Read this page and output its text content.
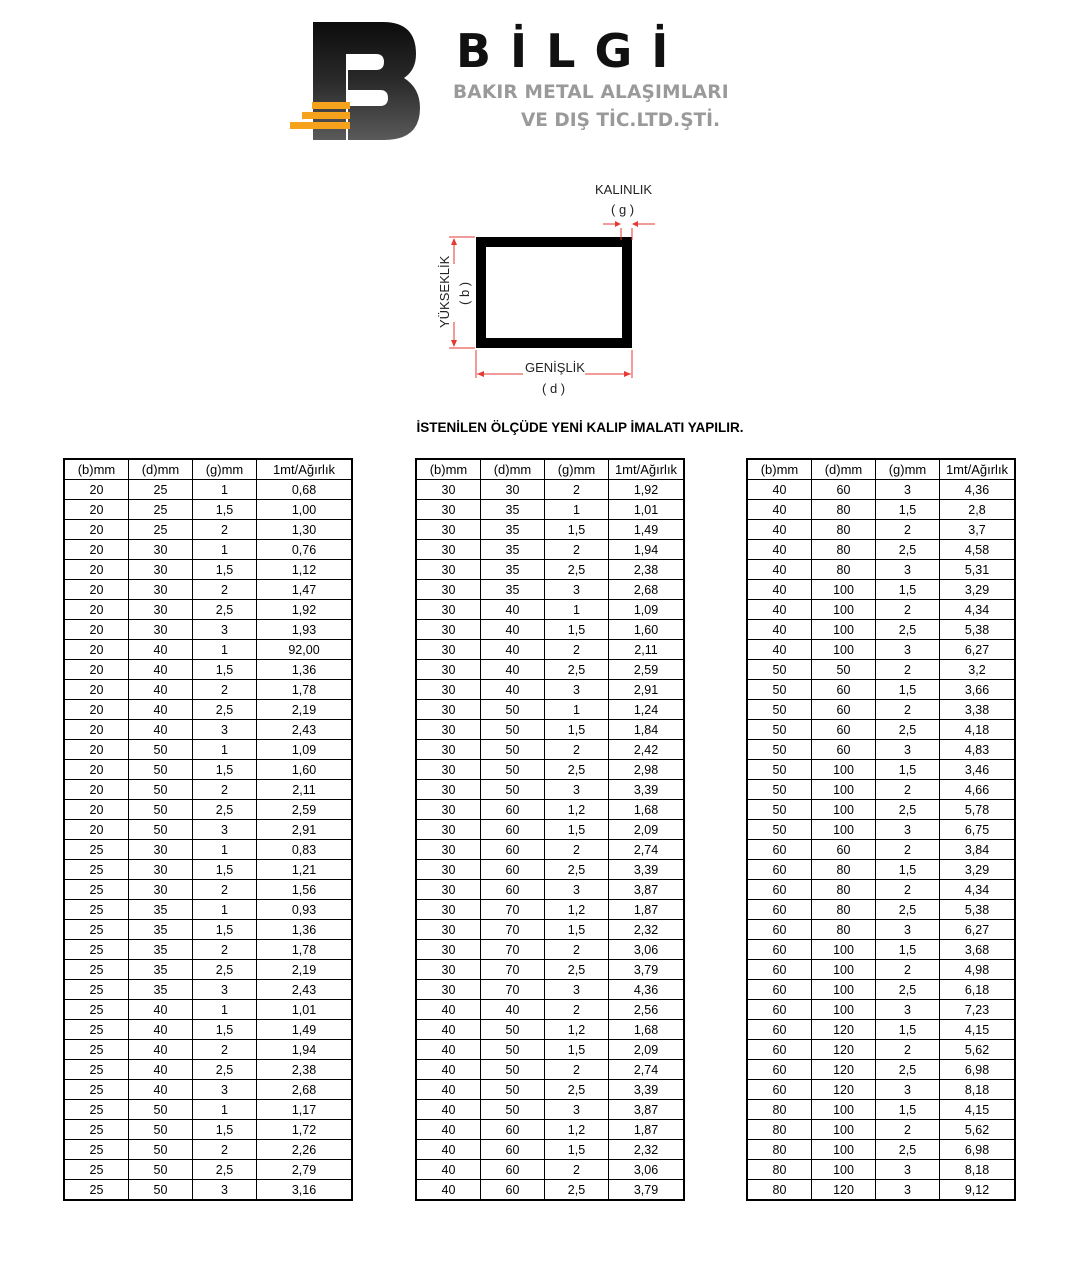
BİLGİ
BAKIR METAL ALAŞIMLARI
VE DIŞ TİC.LTD.ŞTİ.
KALINLIK
( g )
YÜKSEKLİK ( b )
GENİŞLİK
( d )
İSTENİLEN ÖLÇÜDE YENİ KALIP İMALATI YAPILIR.
(b)mm	(d)mm	(g)mm	1mt/Ağırlık
20	25	1	0,68
20	25	1,5	1,00
20	25	2	1,30
20	30	1	0,76
20	30	1,5	1,12
20	30	2	1,47
20	30	2,5	1,92
20	30	3	1,93
20	40	1	92,00
20	40	1,5	1,36
20	40	2	1,78
20	40	2,5	2,19
20	40	3	2,43
20	50	1	1,09
20	50	1,5	1,60
20	50	2	2,11
20	50	2,5	2,59
20	50	3	2,91
25	30	1	0,83
25	30	1,5	1,21
25	30	2	1,56
25	35	1	0,93
25	35	1,5	1,36
25	35	2	1,78
25	35	2,5	2,19
25	35	3	2,43
25	40	1	1,01
25	40	1,5	1,49
25	40	2	1,94
25	40	2,5	2,38
25	40	3	2,68
25	50	1	1,17
25	50	1,5	1,72
25	50	2	2,26
25	50	2,5	2,79
25	50	3	3,16
(b)mm	(d)mm	(g)mm	1mt/Ağırlık
30	30	2	1,92
30	35	1	1,01
30	35	1,5	1,49
30	35	2	1,94
30	35	2,5	2,38
30	35	3	2,68
30	40	1	1,09
30	40	1,5	1,60
30	40	2	2,11
30	40	2,5	2,59
30	40	3	2,91
30	50	1	1,24
30	50	1,5	1,84
30	50	2	2,42
30	50	2,5	2,98
30	50	3	3,39
30	60	1,2	1,68
30	60	1,5	2,09
30	60	2	2,74
30	60	2,5	3,39
30	60	3	3,87
30	70	1,2	1,87
30	70	1,5	2,32
30	70	2	3,06
30	70	2,5	3,79
30	70	3	4,36
40	40	2	2,56
40	50	1,2	1,68
40	50	1,5	2,09
40	50	2	2,74
40	50	2,5	3,39
40	50	3	3,87
40	60	1,2	1,87
40	60	1,5	2,32
40	60	2	3,06
40	60	2,5	3,79
(b)mm	(d)mm	(g)mm	1mt/Ağırlık
40	60	3	4,36
40	80	1,5	2,8
40	80	2	3,7
40	80	2,5	4,58
40	80	3	5,31
40	100	1,5	3,29
40	100	2	4,34
40	100	2,5	5,38
40	100	3	6,27
50	50	2	3,2
50	60	1,5	3,66
50	60	2	3,38
50	60	2,5	4,18
50	60	3	4,83
50	100	1,5	3,46
50	100	2	4,66
50	100	2,5	5,78
50	100	3	6,75
60	60	2	3,84
60	80	1,5	3,29
60	80	2	4,34
60	80	2,5	5,38
60	80	3	6,27
60	100	1,5	3,68
60	100	2	4,98
60	100	2,5	6,18
60	100	3	7,23
60	120	1,5	4,15
60	120	2	5,62
60	120	2,5	6,98
60	120	3	8,18
80	100	1,5	4,15
80	100	2	5,62
80	100	2,5	6,98
80	100	3	8,18
80	120	3	9,12
